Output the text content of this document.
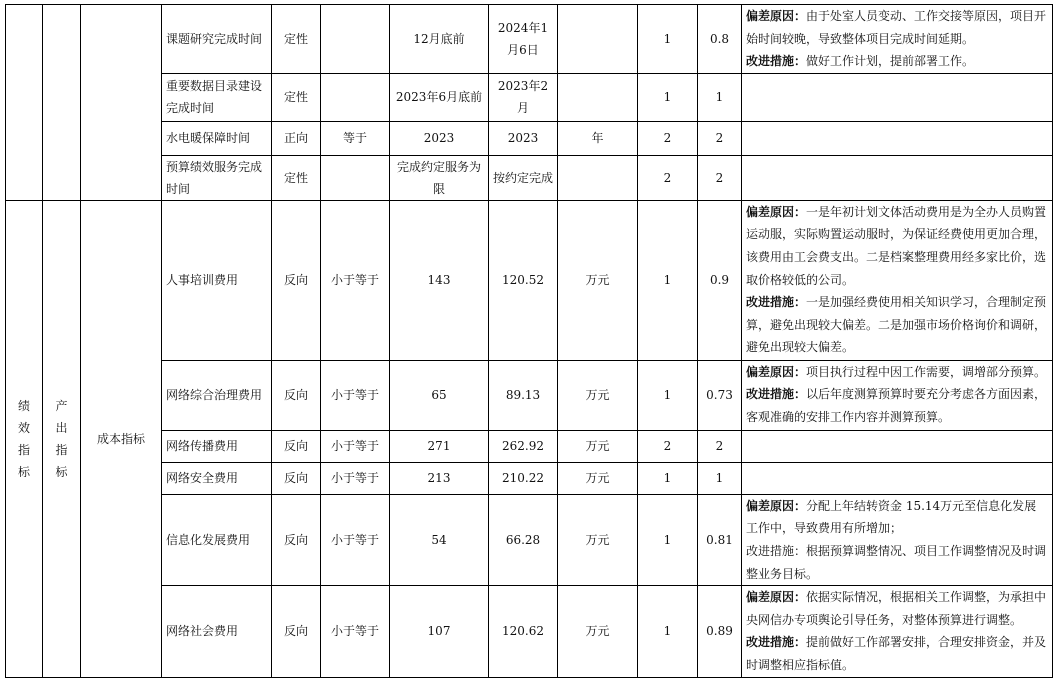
			课题研究完成时间	定性		12月底前	2024年1月6日		1	0.8	偏差原因：由于处室人员变动、工作交接等原因，项目开始时间较晚，导致整体项目完成时间延期。
改进措施：做好工作计划，提前部署工作。

			重要数据目录建设完成时间	定性		2023年6月底前	2023年2月		1	1	
			水电暖保障时间	正向	等于	2023	2023	年	2	2	
			预算绩效服务完成时间	定性		完成约定服务为限	按约定完成		2	2	
绩效指标	产出指标	成本指标	人事培训费用	反向	小于等于	143	120.52	万元	1	0.9	偏差原因：一是年初计划文体活动费用是为全办人员购置运动服，实际购置运动服时，为保证经费使用更加合理，该费用由工会费支出。二是档案整理费用经多家比价，选取价格较低的公司。
改进措施：一是加强经费使用相关知识学习，合理制定预算，避免出现较大偏差。二是加强市场价格询价和调研，避免出现较大偏差。

			网络综合治理费用	反向	小于等于	65	89.13	万元	1	0.73	偏差原因：项目执行过程中因工作需要，调增部分预算。
改进措施：以后年度测算预算时要充分考虑各方面因素，客观准确的安排工作内容并测算预算。

			网络传播费用	反向	小于等于	271	262.92	万元	2	2	
			网络安全费用	反向	小于等于	213	210.22	万元	1	1	
			信息化发展费用	反向	小于等于	54	66.28	万元	1	0.81	偏差原因：分配上年结转资金 15.14万元至信息化发展工作中，导致费用有所增加；
改进措施：根据预算调整情况、项目工作调整情况及时调整业务目标。

			网络社会费用	反向	小于等于	107	120.62	万元	1	0.89	偏差原因：依据实际情况，根据相关工作调整，为承担中央网信办专项舆论引导任务，对整体预算进行调整。
改进措施：提前做好工作部署安排，合理安排资金，并及时调整相应指标值。
